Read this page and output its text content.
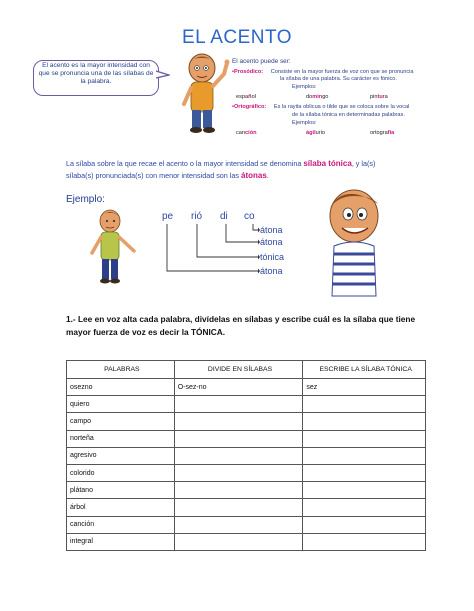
EL ACENTO
El acento es la mayor intensidad con que se pronuncia una de las sílabas de la palabra.
El acento puede ser:
•Prosódico: Consiste en la mayor fuerza de voz con que se pronuncia
la sílaba de una palabra. Su carácter es fónico.
Ejemplos:
español	domingo	pintura
•Ortográfico: Es la rayita oblicua o tilde que se coloca sobre la vocal
de la sílaba tónica en determinadas palabras.
Ejemplos:
canción	ágilurio	ortografía
La sílaba sobre la que recae el acento o la mayor intensidad se denomina sílaba tónica, y la(s) sílaba(s) pronunciada(s) con menor intensidad son las átonas.
Ejemplo:
pe rió di co
átona
átona
tónica
átona
1.- Lee en voz alta cada palabra, divídelas en sílabas y escribe cuál es la sílaba que tiene mayor fuerza de voz es decir la TÓNICA.
PALABRAS	DIVIDE EN SÍLABAS	ESCRIBE LA SÍLABA TÓNICA
osezno	O-sez-no	sez
quiero		
campo		
norteña		
agresivo		
colorido		
plátano		
árbol		
canción		
integral		
